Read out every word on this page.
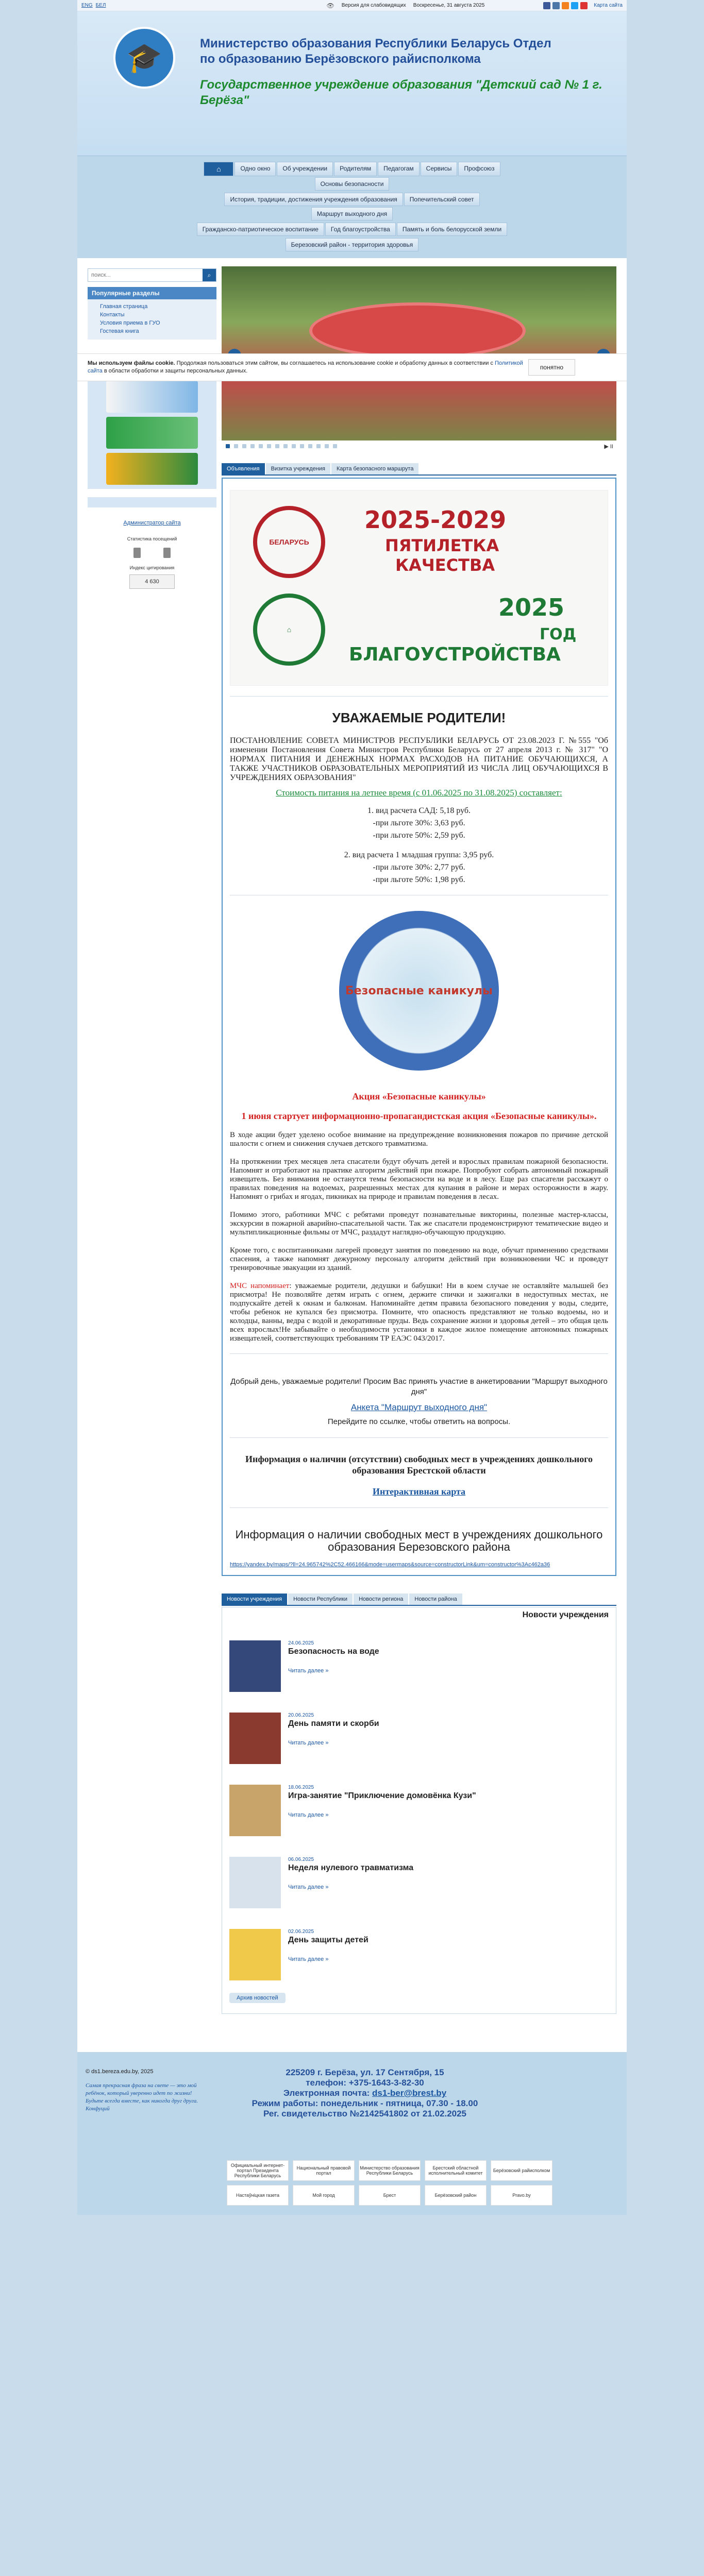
ENG БЕЛ	👁 Версия для слабовидящих Воскресенье, 31 августа 2025	Карта сайта
🎓	Министерство образования Республики Беларусь Отдел по образованию Берёзовского райисполкома
Государственное учреждение образования "Детский сад № 1 г. Берёза"
⌂	Одно окно	Об учреждении	Родителям	Педагогам	Сервисы	Профсоюз
Основы безопасности
История, традиции, достижения учреждения образования	Попечительский совет
Маршрут выходного дня
Гражданско-патриотическое воспитание	Год благоустройства	Память и боль белорусской земли
Березовский район - территория здоровья
поиск...
⌕
Популярные разделы
Главная страница
Контакты
Условия приема в ГУО
Гостевая книга
Администратор сайта
Статистика посещений
Индекс цитирования
4 630
▶ II
Объявления	Визитка учреждения	Карта безопасного маршрута
БЕЛАРУСЬ
⌂
2025-2029
ПЯТИЛЕТКА
КАЧЕСТВА
2025
ГОД
БЛАГОУСТРОЙСТВА
УВАЖАЕМЫЕ РОДИТЕЛИ!
ПОСТАНОВЛЕНИЕ СОВЕТА МИНИСТРОВ РЕСПУБЛИКИ БЕЛАРУСЬ ОТ 23.08.2023 Г. №555 "Об изменении Постановления Совета Министров Республики Беларусь от 27 апреля 2013 г. № 317" "О НОРМАХ ПИТАНИЯ И ДЕНЕЖНЫХ НОРМАХ РАСХОДОВ НА ПИТАНИЕ ОБУЧАЮЩИХСЯ, А ТАКЖЕ УЧАСТНИКОВ ОБРАЗОВАТЕЛЬНЫХ МЕРОПРИЯТИЙ ИЗ ЧИСЛА ЛИЦ ОБУЧАЮЩИХСЯ В УЧРЕЖДЕНИЯХ ОБРАЗОВАНИЯ"
Стоимость питания на летнее время (с 01.06.2025 по 31.08.2025) составляет:
1. вид расчета САД: 5,18 руб.
-при льготе 30%: 3,63 руб.
-при льготе 50%: 2,59 руб.
2. вид расчета 1 младшая группа: 3,95 руб.
-при льготе 30%: 2,77 руб.
-при льготе 50%: 1,98 руб.
Безопасные каникулы
Акция «Безопасные каникулы»
1 июня стартует информационно-пропагандистская акция «Безопасные каникулы».
В ходе акции будет уделено особое внимание на предупреждение возникновения пожаров по причине детской шалости с огнем и снижения случаев детского травматизма.
На протяжении трех месяцев лета спасатели будут обучать детей и взрослых правилам пожарной безопасности. Напомнят и отработают на практике алгоритм действий при пожаре. Попробуют собрать автономный пожарный извещатель. Без внимания не останутся темы безопасности на воде и в лесу. Еще раз спасатели расскажут о правилах поведения на водоемах, разрешенных местах для купания в районе и мерах осторожности в жару. Напомнят о грибах и ягодах, пикниках на природе и правилам поведения в лесах.
Помимо этого, работники МЧС с ребятами проведут познавательные викторины, полезные мастер-классы, экскурсии в пожарной аварийно-спасательной части. Так же спасатели продемонстрируют тематические видео и мультипликационные фильмы от МЧС, раздадут наглядно-обучающую продукцию.
Кроме того, с воспитанниками лагерей проведут занятия по поведению на воде, обучат применению средствами спасения, а также напомнят дежурному персоналу алгоритм действий при возникновении ЧС и проведут тренировочные эвакуации из зданий.
МЧС напоминает: уважаемые родители, дедушки и бабушки! Ни в коем случае не оставляйте малышей без присмотра! Не позволяйте детям играть с огнем, держите спички и зажигалки в недоступных местах, не подпускайте детей к окнам и балконам. Напоминайте детям правила безопасного поведения у воды, следите, чтобы ребенок не купался без присмотра. Помните, что опасность представляют не только водоемы, но и колодцы, ванны, ведра с водой и декоративные пруды. Ведь сохранение жизни и здоровья детей – это общая цель всех взрослых!Не забывайте о необходимости установки в каждое жилое помещение автономных пожарных извещателей, соответствующих требованиям ТР ЕАЭС 043/2017.
Добрый день, уважаемые родители! Просим Вас принять участие в анкетировании "Маршрут выходного дня"
Анкета "Маршрут выходного дня"
Перейдите по ссылке, чтобы ответить на вопросы.
Информация о наличии (отсутствии) свободных мест в учреждениях дошкольного образования Брестской области
Интерактивная карта
Информация о наличии свободных мест в учреждениях дошкольного образования Березовского района
https://yandex.by/maps/?ll=24.965742%2C52.466166&mode=usermaps&source=constructorLink&um=constructor%3Ac462a36
Новости учреждения	Новости Республики	Новости региона	Новости района
Новости учреждения
24.06.2025
Безопасность на воде
Читать далее »
20.06.2025
День памяти и скорби
Читать далее »
18.06.2025
Игра-занятие "Приключение домовёнка Кузи"
Читать далее »
06.06.2025
Неделя нулевого травматизма
Читать далее »
02.06.2025
День защиты детей
Читать далее »
Архив новостей
Мы используем файлы cookie. Продолжая пользоваться этим сайтом, вы соглашаетесь на использование cookie и обработку данных в соответствии с Политикой сайта в области обработки и защиты персональных данных.	понятно
© ds1.bereza.edu.by, 2025
Самая прекрасная фраза на свете — это мой ребёнок, который уверенно идет по жизни! Будьте всегда вместе, как никогда друг друга. Конфуций
225209 г. Берёза, ул. 17 Сентября, 15
телефон: +375-1643-3-82-30
Электронная почта: ds1-ber@brest.by
Режим работы: понедельник - пятница, 07.30 - 18.00
Рег. свидетельство №2142541802 от 21.02.2025
Официальный интернет-портал Президента Республики Беларусь
Национальный правовой портал
Министерство образования Республики Беларусь
Брестский областной исполнительный комитет	Берёзовский райисполком
Настаўніцкая газета	Мой город	Брест	Берёзовский район	Pravo.by
